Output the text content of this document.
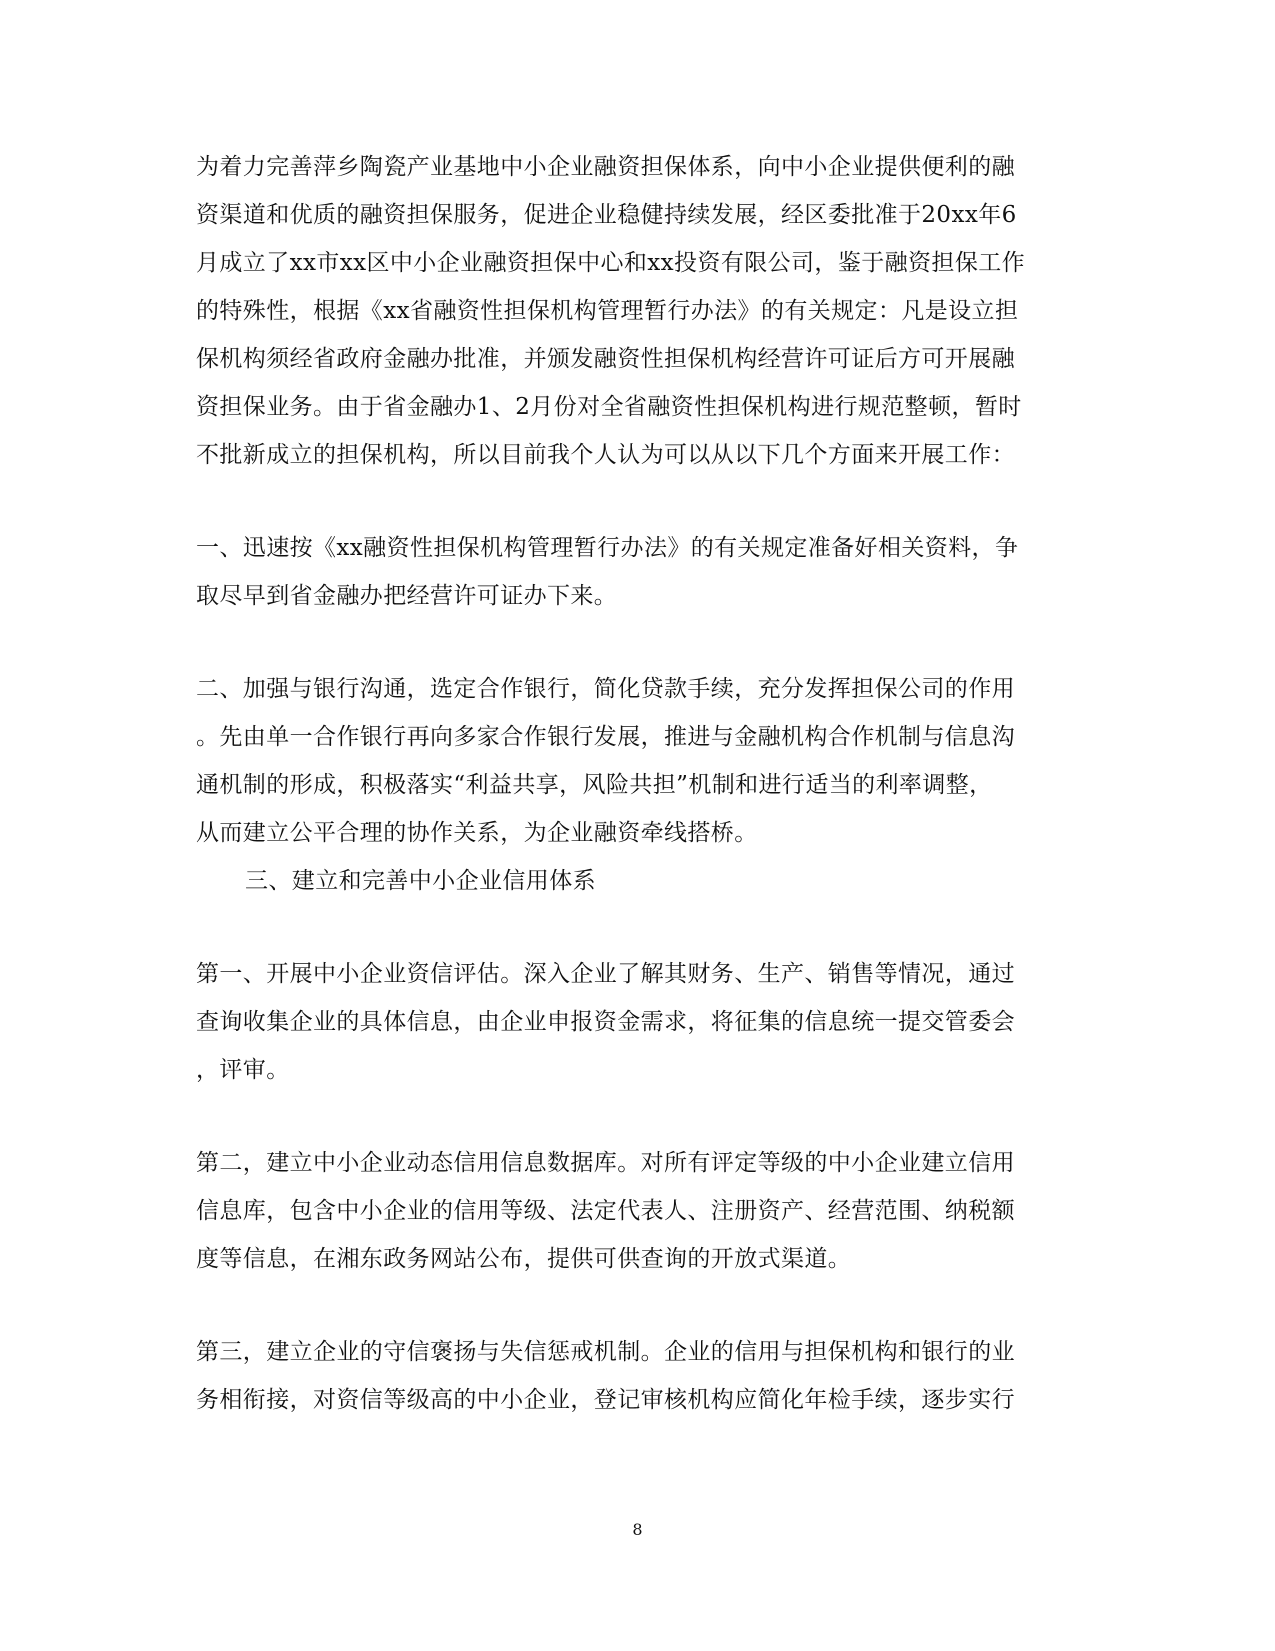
为着力完善萍乡陶瓷产业基地中小企业融资担保体系，向中小企业提供便利的融
资渠道和优质的融资担保服务，促进企业稳健持续发展，经区委批准于20xx年6
月成立了xx市xx区中小企业融资担保中心和xx投资有限公司，鉴于融资担保工作
的特殊性，根据《xx省融资性担保机构管理暂行办法》的有关规定：凡是设立担
保机构须经省政府金融办批准，并颁发融资性担保机构经营许可证后方可开展融
资担保业务。由于省金融办1、2月份对全省融资性担保机构进行规范整顿，暂时
不批新成立的担保机构，所以目前我个人认为可以从以下几个方面来开展工作：
一、迅速按《xx融资性担保机构管理暂行办法》的有关规定准备好相关资料，争
取尽早到省金融办把经营许可证办下来。
二、加强与银行沟通，选定合作银行，简化贷款手续，充分发挥担保公司的作用
。先由单一合作银行再向多家合作银行发展，推进与金融机构合作机制与信息沟
通机制的形成，积极落实“利益共享，风险共担”机制和进行适当的利率调整，
从而建立公平合理的协作关系，为企业融资牵线搭桥。
三、建立和完善中小企业信用体系
第一、开展中小企业资信评估。深入企业了解其财务、生产、销售等情况，通过
查询收集企业的具体信息，由企业申报资金需求，将征集的信息统一提交管委会
，评审。
第二，建立中小企业动态信用信息数据库。对所有评定等级的中小企业建立信用
信息库，包含中小企业的信用等级、法定代表人、注册资产、经营范围、纳税额
度等信息，在湘东政务网站公布，提供可供查询的开放式渠道。
第三，建立企业的守信褒扬与失信惩戒机制。企业的信用与担保机构和银行的业
务相衔接，对资信等级高的中小企业，登记审核机构应简化年检手续，逐步实行
8
